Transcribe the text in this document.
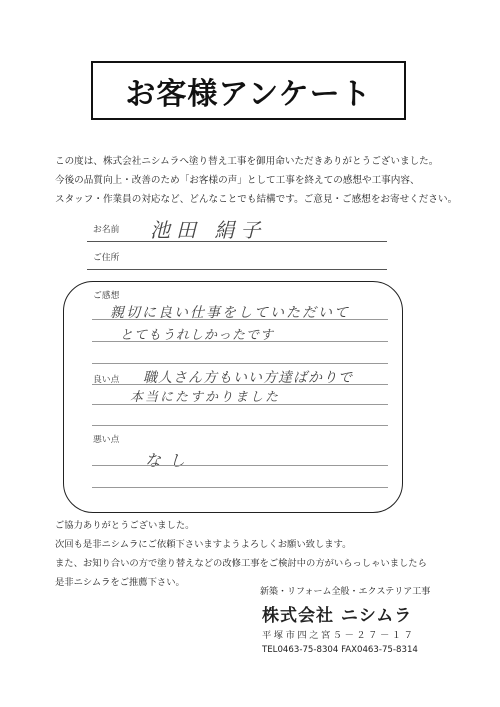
お客様アンケート
この度は、株式会社ニシムラへ塗り替え工事を御用命いただきありがとうございました。
今後の品質向上・改善のため「お客様の声」として工事を終えての感想や工事内容、
スタッフ・作業員の対応など、どんなことでも結構です。ご意見・ご感想をお寄せください。
お名前 池田 絹子
ご住所
ご感想
親切に良い仕事をしていただいて
とてもうれしかったです
良い点 職人さん方もいい方達ばかりで
本当にたすかりました
悪い点
なし
ご協力ありがとうございました。
次回も是非ニシムラにご依頼下さいますようよろしくお願い致します。
また、お知り合いの方で塗り替えなどの改修工事をご検討中の方がいらっしゃいましたら
是非ニシムラをご推薦下さい。
新築・リフォーム全般・エクステリア工事
株式会社 ニシムラ
平塚市四之宮５－２７－１７
TEL0463-75-8304 FAX0463-75-8314
